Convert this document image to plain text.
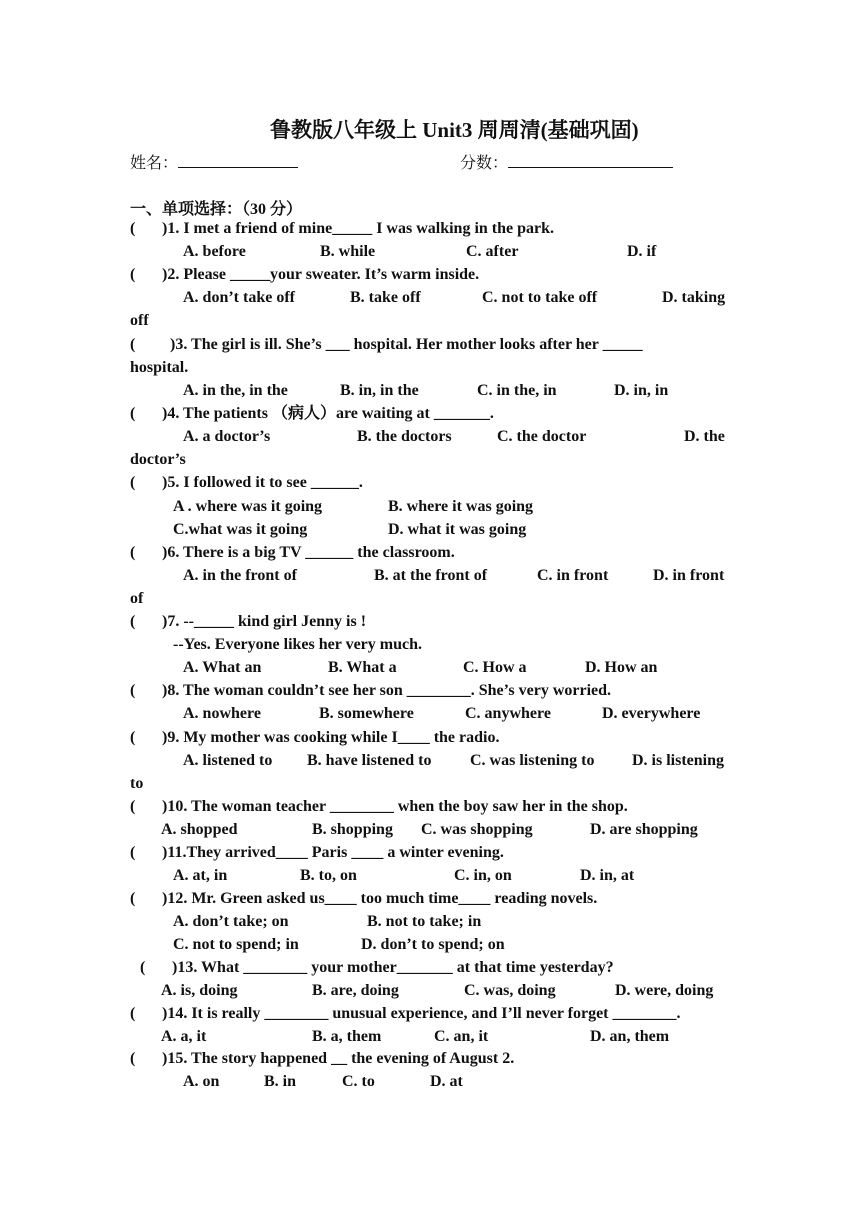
鲁教版八年级上 Unit3 周周清(基础巩固)
姓名：	分数：
一、单项选择：（30 分）
( )1. I met a friend of mine_____ I was walking in the park.
A. before	B. while	C. after	D. if
( )2. Please _____your sweater. It’s warm inside.
A. don’t take off	B. take off	C. not to take off	D. taking
off
( )3. The girl is ill. She’s ___ hospital. Her mother looks after her _____
hospital.
A. in the, in the	B. in, in the	C. in the, in	D. in, in
( )4. The patients （病人）are waiting at _______.
A. a doctor’s	B. the doctors	C. the doctor	D. the
doctor’s
( )5. I followed it to see ______.
A . where was it going	B. where it was going
C.what was it going	D. what it was going
( )6. There is a big TV ______ the classroom.
A. in the front of	B. at the front of	C. in front	D. in front
of
( )7. --_____ kind girl Jenny is !
--Yes. Everyone likes her very much.
A. What an	B. What a	C. How a	D. How an
( )8. The woman couldn’t see her son ________. She’s very worried.
A. nowhere	B. somewhere	C. anywhere	D. everywhere
( )9. My mother was cooking while I____ the radio.
A. listened to B. have listened to C. was listening to D. is listening
to
( )10. The woman teacher ________ when the boy saw her in the shop.
A. shopped	B. shopping C. was shopping	D. are shopping
( )11.They arrived____ Paris ____ a winter evening.
A. at, in	B. to, on	C. in, on	D. in, at
( )12. Mr. Green asked us____ too much time____ reading novels.
A. don’t take; on	B. not to take; in
C. not to spend; in	D. don’t to spend; on
( )13. What ________ your mother_______ at that time yesterday?
A. is, doing	B. are, doing	C. was, doing	D. were, doing
( )14. It is really ________ unusual experience, and I’ll never forget ________.
A. a, it	B. a, them	C. an, it	D. an, them
( )15. The story happened __ the evening of August 2.
A. on	B. in	C. to	D. at
